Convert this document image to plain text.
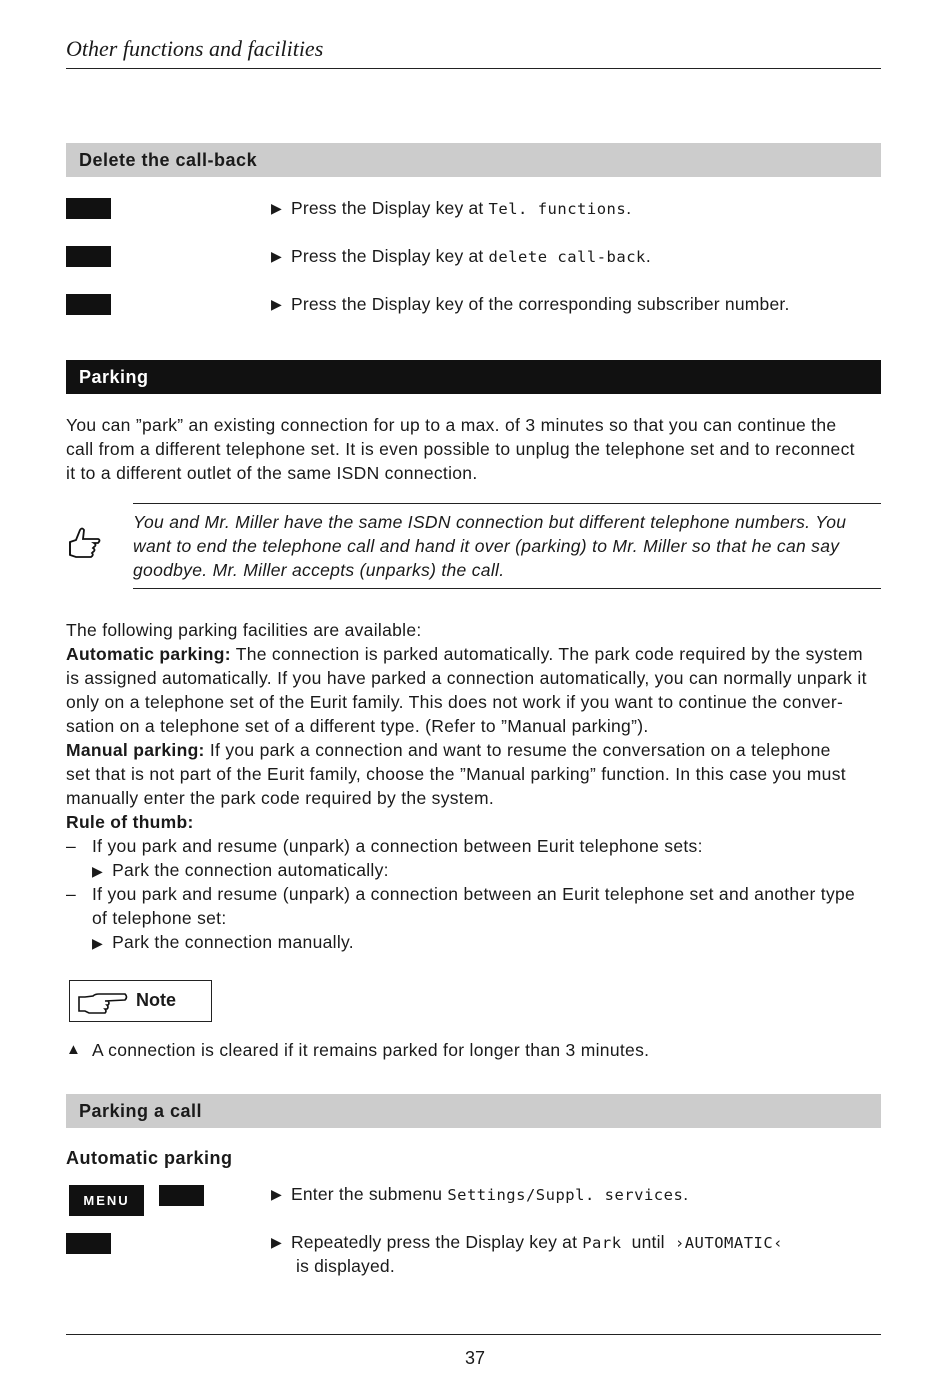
Other functions and facilities
Delete the call-back
▶ Press the Display key at Tel. functions.
▶ Press the Display key at delete call-back.
▶ Press the Display key of the corresponding subscriber number.
Parking

You can ”park” an existing connection for up to a max. of 3 minutes so that you can continue the

call from a different telephone set. It is even possible to unplug the telephone set and to reconnect

it to a different outlet of the same ISDN connection.

You and Mr. Miller have the same ISDN connection but different telephone numbers. You
want to end the telephone call and hand it over (parking) to Mr. Miller so that he can say
goodbye. Mr. Miller accepts (unparks) the call.

The following parking facilities are available:

Automatic parking: The connection is parked automatically. The park code required by the system

is assigned automatically. If you have parked a connection automatically, you can normally unpark it

only on a telephone set of the Eurit family. This does not work if you want to continue the conver-

sation on a telephone set of a different type. (Refer to ”Manual parking”).

Manual parking: If you park a connection and want to resume the conversation on a telephone

set that is not part of the Eurit family, choose the ”Manual parking” function. In this case you must

manually enter the park code required by the system.

Rule of thumb:

– If you park and resume (unpark) a connection between Eurit telephone sets:
▶ Park the connection automatically:
– If you park and resume (unpark) a connection between an Eurit telephone set and another type
of telephone set:
▶ Park the connection manually.
Note
▲ A connection is cleared if it remains parked for longer than 3 minutes.
Parking a call
Automatic parking
MENU	▶ Enter the submenu Settings/Suppl. services.
▶ Repeatedly press the Display key at Park  until  ›AUTOMATIC‹
is displayed.
37
